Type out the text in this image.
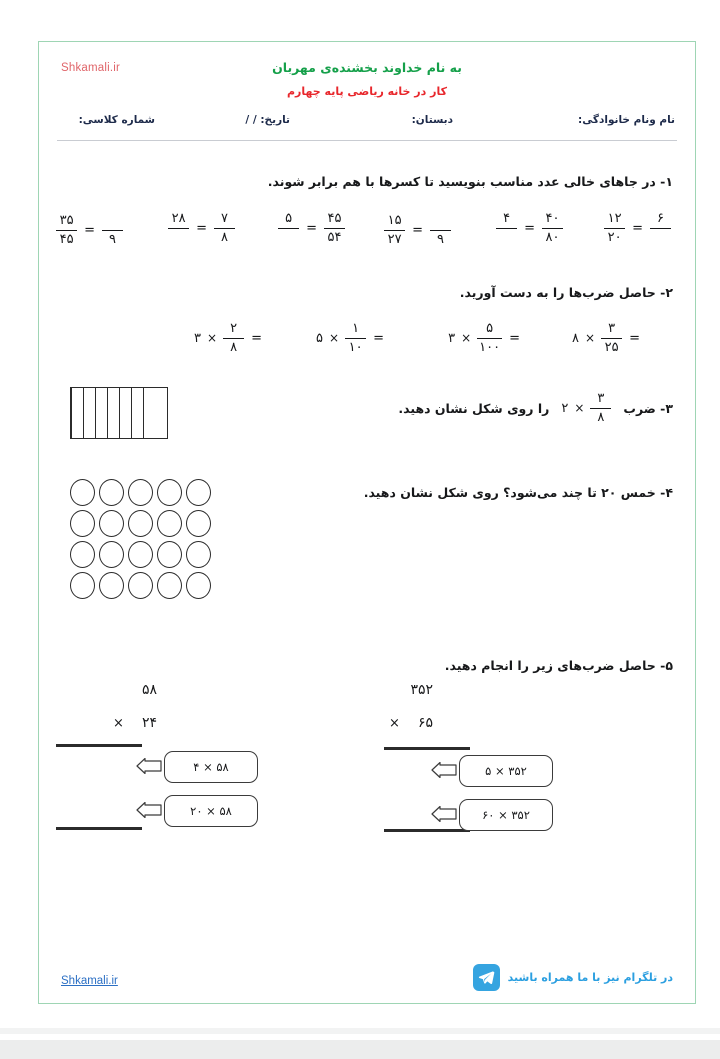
Shkamali.ir	به نام خداوند بخشنده‌ی مهربان
کار در خانه ریاضی پایه چهارم
نام ونام خانوادگی:
دبستان:
تاریخ: / /
شماره کلاسی:
۱- در جاهای خالی عدد مناسب بنویسید تا کسرها با هم برابر شوند.
$\frac{۱۲}{۲۰}$ =
۶
۴
= $\frac{۴۰}{۸۰}$
$\frac{۱۵}{۲۷}$ =
۹
۵
= $\frac{۴۵}{۵۴}$
۲۸
= $\frac{۷}{۸}$
$\frac{۳۵}{۴۵}$ =
۹
۲- حاصل ضرب‌ها را به دست آورید.
۳ × $\frac{۲}{۸}$ =	۵ × $\frac{۱}{۱۰}$ =	۳ × $\frac{۵}{۱۰۰}$ =	۸ × $\frac{۳}{۲۵}$ =
۳- ضرب
۲ × $\frac{۳}{۸}$
را روی شکل نشان دهید.
۴- خمس ۲۰ تا چند می‌شود؟ روی شکل نشان دهید.
۵- حاصل ضرب‌های زیر را انجام دهید.
۳۵۲
× ۶۵
۵ × ۳۵۲
۶۰ × ۳۵۲
۵۸
× ۲۴
۴ × ۵۸
۲۰ × ۵۸
Shkamali.ir	در تلگرام نیز با ما همراه باشید
